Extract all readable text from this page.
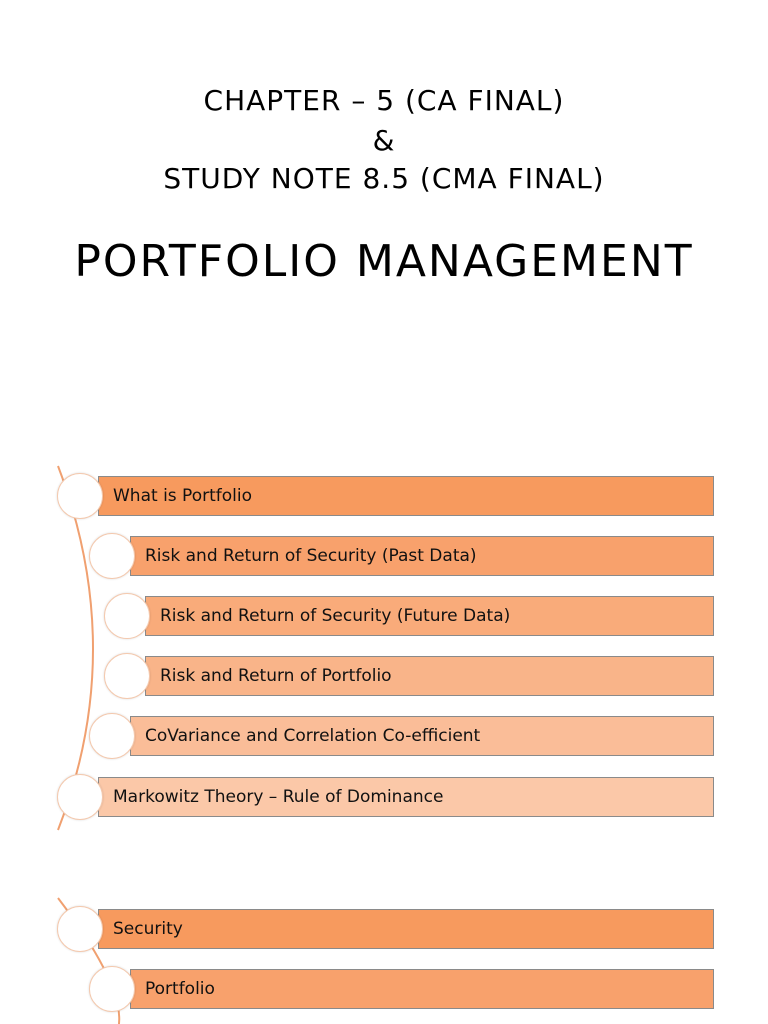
CHAPTER – 5 (CA FINAL)
&
STUDY NOTE 8.5 (CMA FINAL)
PORTFOLIO MANAGEMENT
What is Portfolio
Risk and Return of Security (Past Data)
Risk and Return of Security (Future Data)
Risk and Return of Portfolio
CoVariance and Correlation Co-efficient
Markowitz Theory – Rule of Dominance
Security
Portfolio
